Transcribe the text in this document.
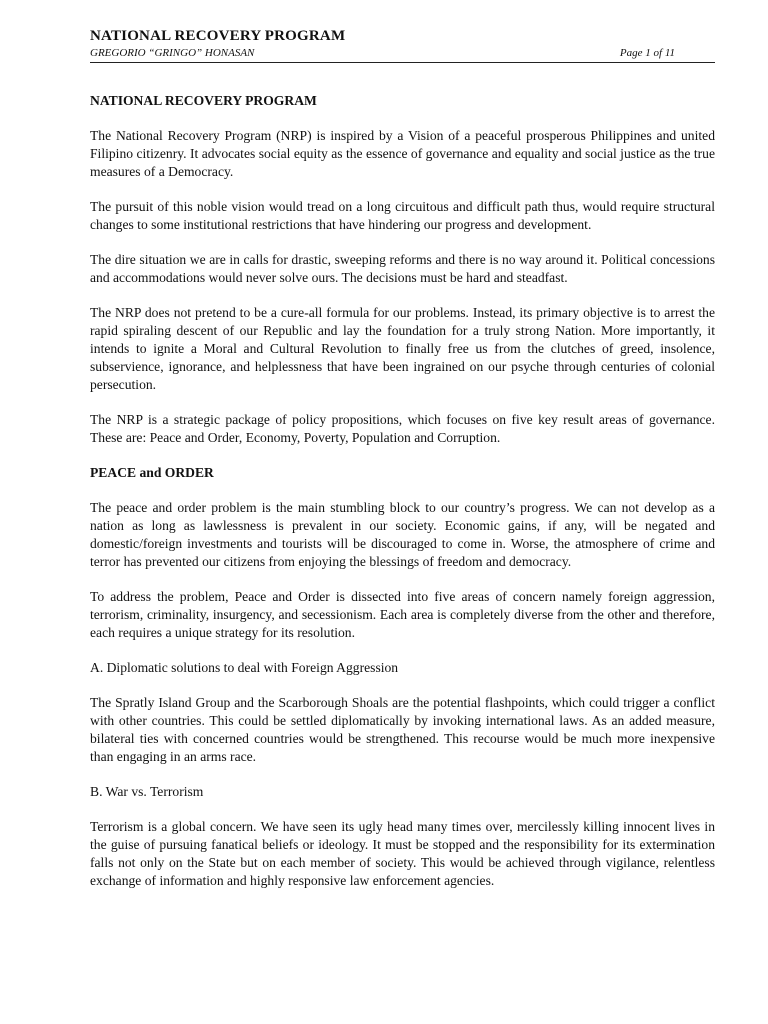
NATIONAL RECOVERY PROGRAM
GREGORIO “GRINGO” HONASAN	Page 1 of 11
NATIONAL RECOVERY PROGRAM

The National Recovery Program (NRP) is inspired by a Vision of a peaceful prosperous Philippines and united Filipino citizenry. It advocates social equity as the essence of governance and equality and social justice as the true measures of a Democracy.

The pursuit of this noble vision would tread on a long circuitous and difficult path thus, would require structural changes to some institutional restrictions that have hindering our progress and development.

The dire situation we are in calls for drastic, sweeping reforms and there is no way around it. Political concessions and accommodations would never solve ours. The decisions must be hard and steadfast.

The NRP does not pretend to be a cure-all formula for our problems. Instead, its primary objective is to arrest the rapid spiraling descent of our Republic and lay the foundation for a truly strong Nation. More importantly, it intends to ignite a Moral and Cultural Revolution to finally free us from the clutches of greed, insolence, subservience, ignorance, and helplessness that have been ingrained on our psyche through centuries of colonial persecution.

The NRP is a strategic package of policy propositions, which focuses on five key result areas of governance. These are: Peace and Order, Economy, Poverty, Population and Corruption.

PEACE and ORDER

The peace and order problem is the main stumbling block to our country’s progress. We can not develop as a nation as long as lawlessness is prevalent in our society. Economic gains, if any, will be negated and domestic/foreign investments and tourists will be discouraged to come in. Worse, the atmosphere of crime and terror has prevented our citizens from enjoying the blessings of freedom and democracy.

To address the problem, Peace and Order is dissected into five areas of concern namely foreign aggression, terrorism, criminality, insurgency, and secessionism. Each area is completely diverse from the other and therefore, each requires a unique strategy for its resolution.

A. Diplomatic solutions to deal with Foreign Aggression

The Spratly Island Group and the Scarborough Shoals are the potential flashpoints, which could trigger a conflict with other countries. This could be settled diplomatically by invoking international laws. As an added measure, bilateral ties with concerned countries would be strengthened. This recourse would be much more inexpensive than engaging in an arms race.

B. War vs. Terrorism

Terrorism is a global concern. We have seen its ugly head many times over, mercilessly killing innocent lives in the guise of pursuing fanatical beliefs or ideology. It must be stopped and the responsibility for its extermination falls not only on the State but on each member of society. This would be achieved through vigilance, relentless exchange of information and highly responsive law enforcement agencies.
